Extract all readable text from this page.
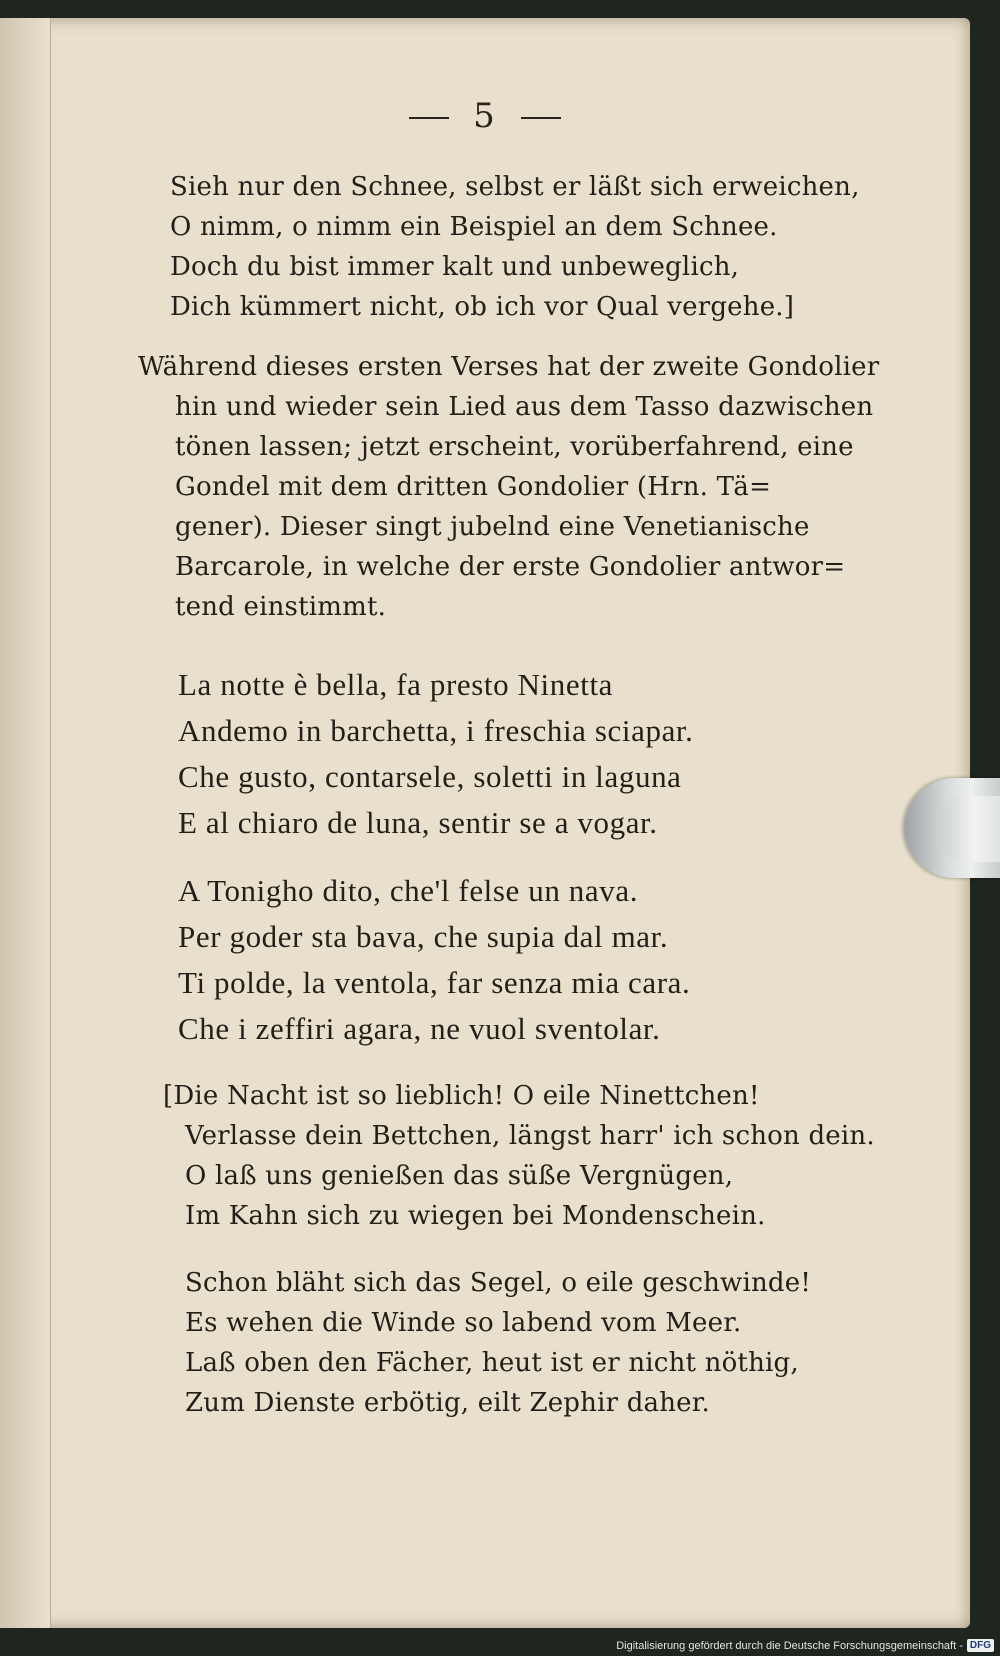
5
Sieh nur den Schnee, selbst er läßt sich erweichen,
O nimm, o nimm ein Beispiel an dem Schnee.
Doch du bist immer kalt und unbeweglich,
Dich kümmert nicht, ob ich vor Qual vergehe.]
Während dieses ersten Verses hat der zweite Gondolier
hin und wieder sein Lied aus dem Tasso dazwischen
tönen lassen; jetzt erscheint, vorüberfahrend, eine
Gondel mit dem dritten Gondolier (Hrn. Tä=
gener). Dieser singt jubelnd eine Venetianische
Barcarole, in welche der erste Gondolier antwor=
tend einstimmt.
La notte è bella, fa presto Ninetta
Andemo in barchetta, i freschia sciapar.
Che gusto, contarsele, soletti in laguna
E al chiaro de luna, sentir se a vogar.
A Tonigho dito, che'l felse un nava.
Per goder sta bava, che supia dal mar.
Ti polde, la ventola, far senza mia cara.
Che i zeffiri agara, ne vuol sventolar.
[Die Nacht ist so lieblich! O eile Ninettchen!
Verlasse dein Bettchen, längst harr' ich schon dein.
O laß uns genießen das süße Vergnügen,
Im Kahn sich zu wiegen bei Mondenschein.
Schon bläht sich das Segel, o eile geschwinde!
Es wehen die Winde so labend vom Meer.
Laß oben den Fächer, heut ist er nicht nöthig,
Zum Dienste erbötig, eilt Zephir daher.
Digitalisierung gefördert durch die Deutsche Forschungsgemeinschaft - DFG
